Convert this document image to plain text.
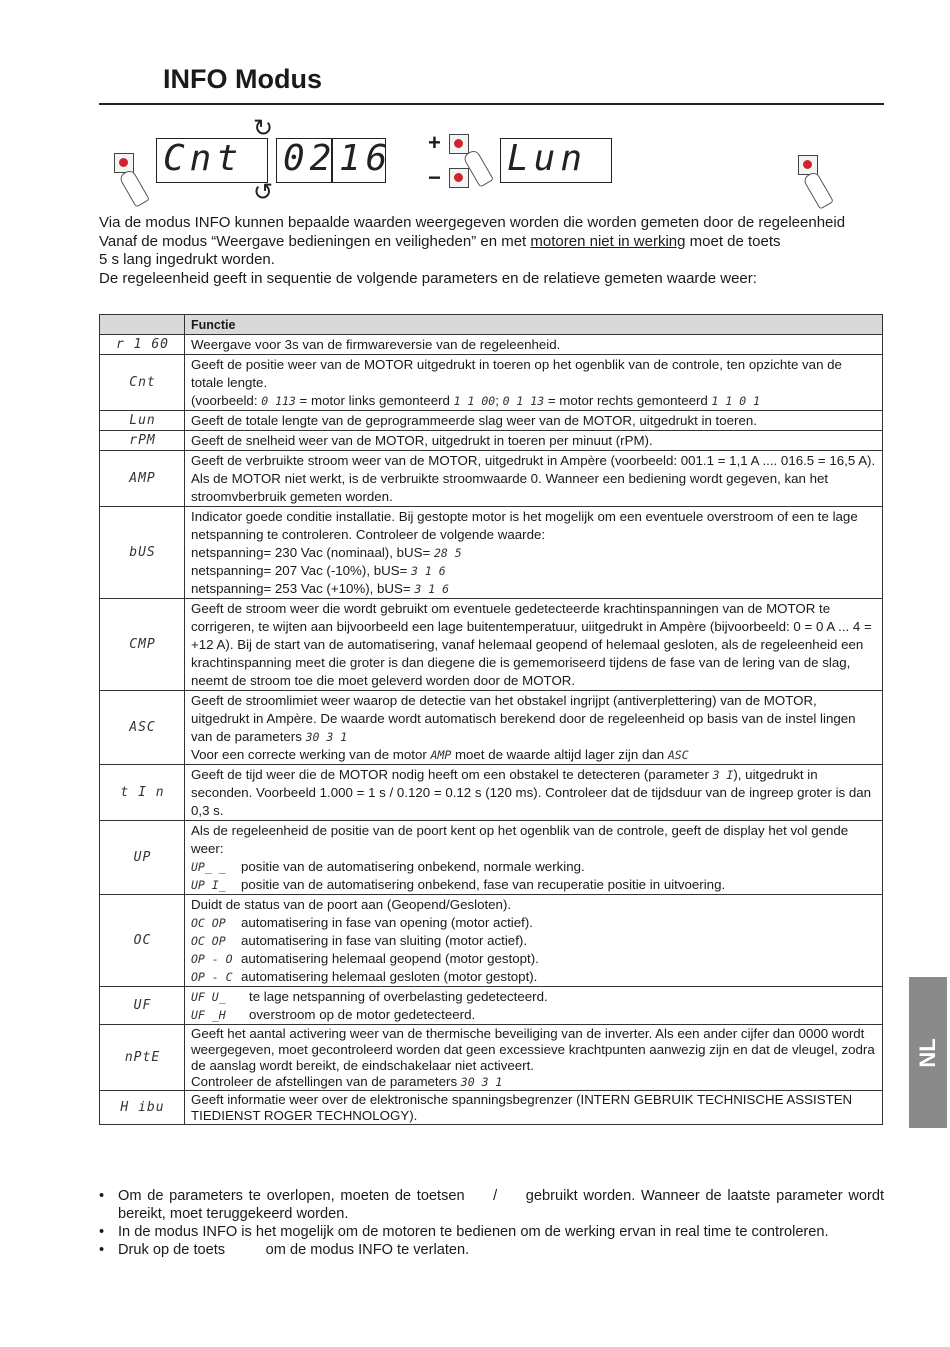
INFO Modus
Cnt
↻
↺
02 16 +
− Lun

Via de modus INFO kunnen bepaalde waarden weergegeven worden die worden gemeten door de regeleenheid

Vanaf de modus “Weergave bedieningen en veiligheden” en met motoren niet in werking moet de toets

5 s lang ingedrukt worden.

De regeleenheid geeft in sequentie de volgende parameters en de relatieve gemeten waarde weer:

	Functie
r 1 60	Weergave voor 3s van de firmwareversie van de regeleenheid.
Cnt	Geeft de positie weer van de MOTOR uitgedrukt in toeren op het ogenblik van de controle, ten opzichte van de totale lengte.
(voorbeeld: 0 113 = motor links gemonteerd 1 1 00; 0 1 13 = motor rechts gemonteerd 1 1 0 1

Lun	Geeft de totale lengte van de geprogrammeerde slag weer van de MOTOR, uitgedrukt in toeren.
rPM	Geeft de snelheid weer van de MOTOR, uitgedrukt in toeren per minuut (rPM).
AMP	Geeft de verbruikte stroom weer van de MOTOR, uitgedrukt in Ampère (voorbeeld: 001.1 = 1,1 A .... 016.5 = 16,5 A).
Als de MOTOR niet werkt, is de verbruikte stroomwaarde 0. Wanneer een bediening wordt gegeven, kan het stroomvberbruik gemeten worden.

bUS	Indicator goede conditie installatie. Bij gestopte motor is het mogelijk om een eventuele overstroom of een te lage netspanning te controleren. Controleer de volgende waarde:
netspanning= 230 Vac (nominaal), bUS= 28 5
netspanning= 207 Vac (-10%), bUS= 3 1 6
netspanning= 253 Vac (+10%), bUS= 3 1 6

CMP	Geeft de stroom weer die wordt gebruikt om eventuele gedetecteerde krachtinspanningen van de MOTOR te corrigeren, te wijten aan bijvoorbeeld een lage buitentemperatuur, uiitgedrukt in Ampère (bijvoorbeeld: 0 = 0 A ... 4 = +12 A). Bij de start van de automatisering, vanaf helemaal geopend of helemaal gesloten, als de regeleenheid een krachtinspanning meet die groter is dan diegene die is gememoriseerd tijdens de fase van de lering van de slag, neemt de stroom toe die moet geleverd worden door de MOTOR.
ASC	Geeft de stroomlimiet weer waarop de detectie van het obstakel ingrijpt (antiverplettering) van de MOTOR, uitgedrukt in Ampère. De waarde wordt automatisch berekend door de regeleenheid op basis van de instel lingen van de parameters 30 3 1
Voor een correcte werking van de motor AMP moet de waarde altijd lager zijn dan ASC

t I n	Geeft de tijd weer die de MOTOR nodig heeft om een obstakel te detecteren (parameter 3 I), uitgedrukt in seconden. Voorbeeld 1.000 = 1 s / 0.120 = 0.12 s (120 ms). Controleer dat de tijdsduur van de ingreep groter is dan 0,3 s.
UP	Als de regeleenheid de positie van de poort kent op het ogenblik van de controle, geeft de display het vol gende weer:
UP_ _ positie van de automatisering onbekend, normale werking.
UP I_ positie van de automatisering onbekend, fase van recuperatie positie in uitvoering.

OC	Duidt de status van de poort aan (Geopend/Gesloten).
OC OP automatisering in fase van opening (motor actief).
OC OP automatisering in fase van sluiting (motor actief).
OP - O automatisering helemaal geopend (motor gestopt).
OP - C automatisering helemaal gesloten (motor gestopt).

UF	UF U_ te lage netspanning of overbelasting gedetecteerd.
UF _H overstroom op de motor gedetecteerd.

nPtE	Geeft het aantal activering weer van de thermische beveiliging van de inverter. Als een ander cijfer dan 0000 wordt weergegeven, moet gecontroleerd worden dat geen excessieve krachtpunten aanwezig zijn en dat de vleugel, zodra de aanslag wordt bereikt, de eindschakelaar niet activeert.
Controleer de afstellingen van de parameters 30 3 1

H ibu	Geeft informatie weer over de elektronische spanningsbegrenzer (INTERN GEBRUIK TECHNISCHE ASSISTEN TIEDIENST ROGER TECHNOLOGY).

• Om de parameters te overlopen, moeten de toetsen     /     gebruikt worden. Wanneer de laatste parameter wordt bereikt, moet teruggekeerd worden.

• In de modus INFO is het mogelijk om de motoren te bedienen om de werking ervan in real time te controleren.

• Druk op de toets          om de modus INFO te verlaten.

NL
